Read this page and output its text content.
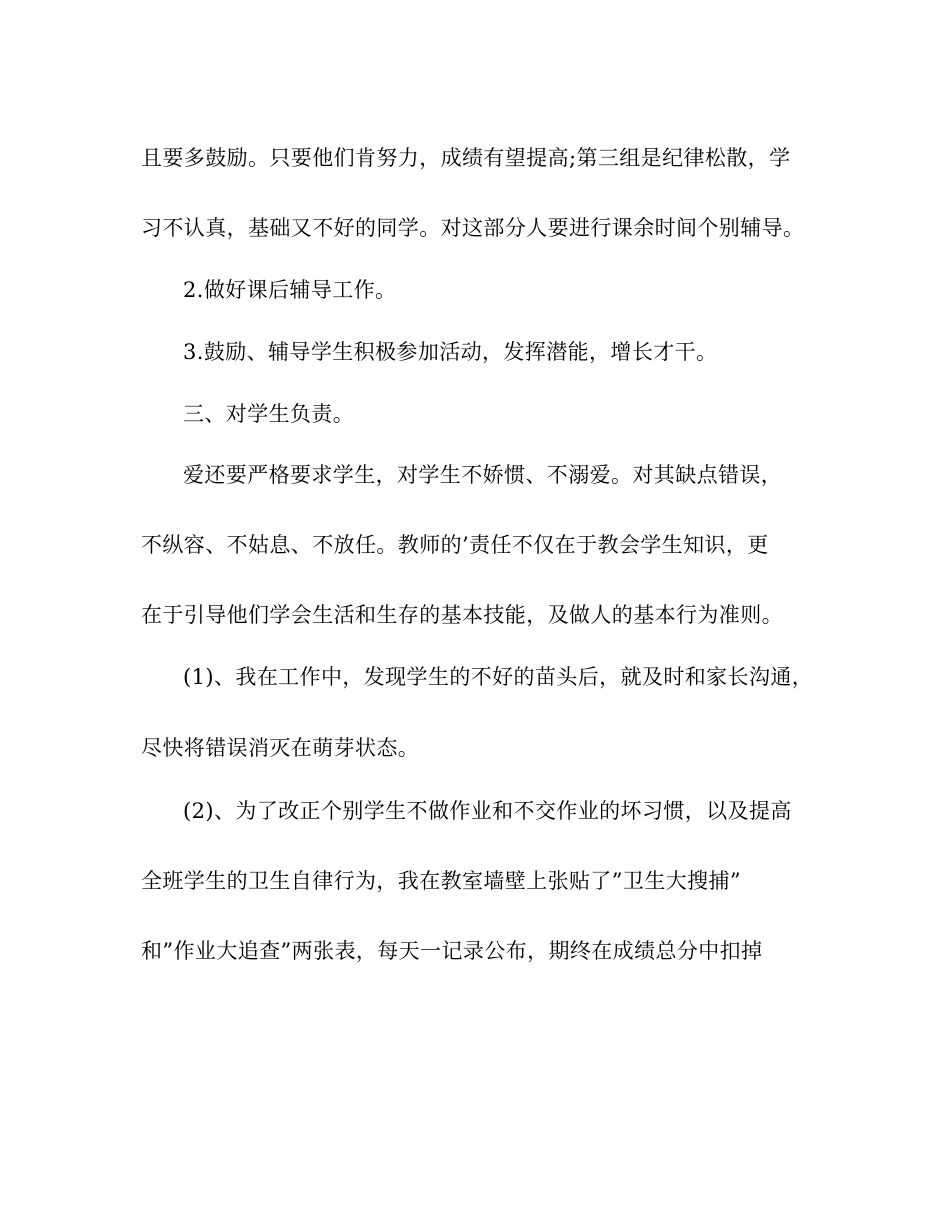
且要多鼓励。只要他们肯努力，成绩有望提高;第三组是纪律松散，学
习不认真，基础又不好的同学。对这部分人要进行课余时间个别辅导。
2.做好课后辅导工作。
3.鼓励、辅导学生积极参加活动，发挥潜能，增长才干。
三、对学生负责。
爱还要严格要求学生，对学生不娇惯、不溺爱。对其缺点错误，
不纵容、不姑息、不放任。教师的’责任不仅在于教会学生知识，更
在于引导他们学会生活和生存的基本技能，及做人的基本行为准则。
(1)、我在工作中，发现学生的不好的苗头后，就及时和家长沟通，
尽快将错误消灭在萌芽状态。
(2)、为了改正个别学生不做作业和不交作业的坏习惯，以及提高
全班学生的卫生自律行为，我在教室墙壁上张贴了”卫生大搜捕”
和”作业大追查”两张表，每天一记录公布，期终在成绩总分中扣掉
